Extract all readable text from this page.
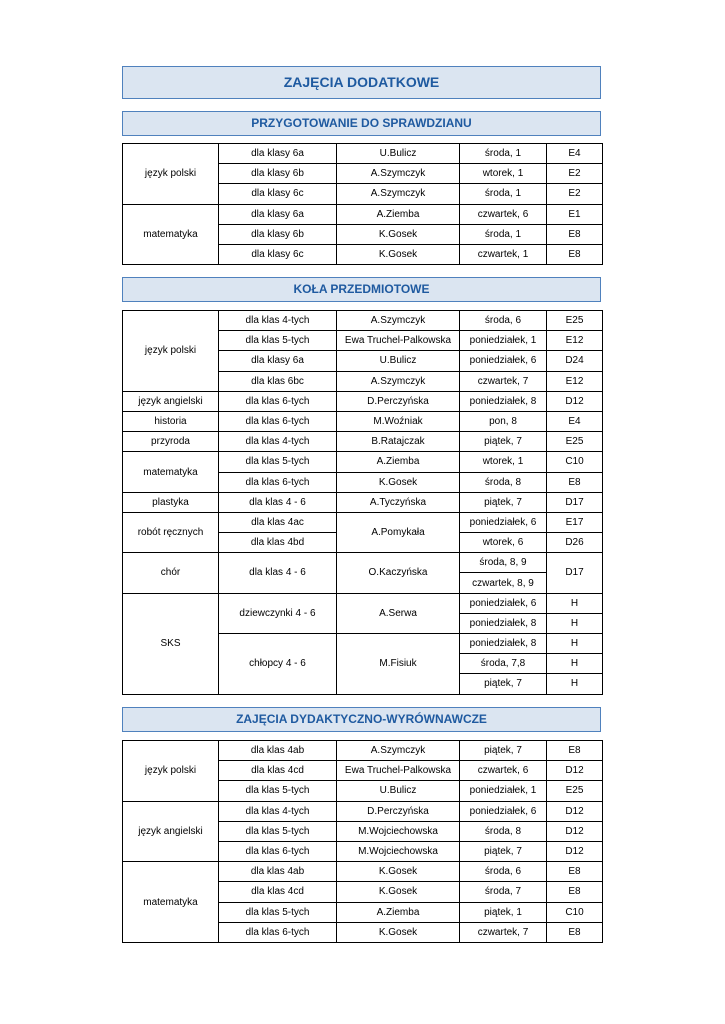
ZAJĘCIA DODATKOWE
PRZYGOTOWANIE DO SPRAWDZIANU
język polski	dla klasy 6a	U.Bulicz	środa, 1	E4
	dla klasy 6b	A.Szymczyk	wtorek, 1	E2
	dla klasy 6c	A.Szymczyk	środa, 1	E2
matematyka	dla klasy 6a	A.Ziemba	czwartek, 6	E1
	dla klasy 6b	K.Gosek	środa, 1	E8
	dla klasy 6c	K.Gosek	czwartek, 1	E8
KOŁA PRZEDMIOTOWE
język polski	dla klas 4-tych	A.Szymczyk	środa, 6	E25
	dla klas 5-tych	Ewa Truchel-Palkowska	poniedziałek, 1	E12
	dla klasy 6a	U.Bulicz	poniedziałek, 6	D24
	dla klas 6bc	A.Szymczyk	czwartek, 7	E12
język angielski	dla klas 6-tych	D.Perczyńska	poniedziałek, 8	D12
historia	dla klas 6-tych	M.Woźniak	pon, 8	E4
przyroda	dla klas 4-tych	B.Ratajczak	piątek, 7	E25
matematyka	dla klas 5-tych	A.Ziemba	wtorek, 1	C10
	dla klas 6-tych	K.Gosek	środa, 8	E8
plastyka	dla klas 4 - 6	A.Tyczyńska	piątek, 7	D17
robót ręcznych	dla klas 4ac	A.Pomykała	poniedziałek, 6	E17
	dla klas 4bd		wtorek, 6	D26
chór	dla klas 4 - 6	O.Kaczyńska	środa, 8, 9	D17
			czwartek, 8, 9	
SKS	dziewczynki 4 - 6	A.Serwa	poniedziałek, 6	H
			poniedziałek, 8	H
	chłopcy 4 - 6	M.Fisiuk	poniedziałek, 8	H
			środa, 7,8	H
			piątek, 7	H
ZAJĘCIA DYDAKTYCZNO-WYRÓWNAWCZE
język polski	dla klas 4ab	A.Szymczyk	piątek, 7	E8
	dla klas 4cd	Ewa Truchel-Palkowska	czwartek, 6	D12
	dla klas 5-tych	U.Bulicz	poniedziałek, 1	E25
język angielski	dla klas 4-tych	D.Perczyńska	poniedziałek, 6	D12
	dla klas 5-tych	M.Wojciechowska	środa, 8	D12
	dla klas 6-tych	M.Wojciechowska	piątek, 7	D12
matematyka	dla klas 4ab	K.Gosek	środa, 6	E8
	dla klas 4cd	K.Gosek	środa, 7	E8
	dla klas 5-tych	A.Ziemba	piątek, 1	C10
	dla klas 6-tych	K.Gosek	czwartek, 7	E8
